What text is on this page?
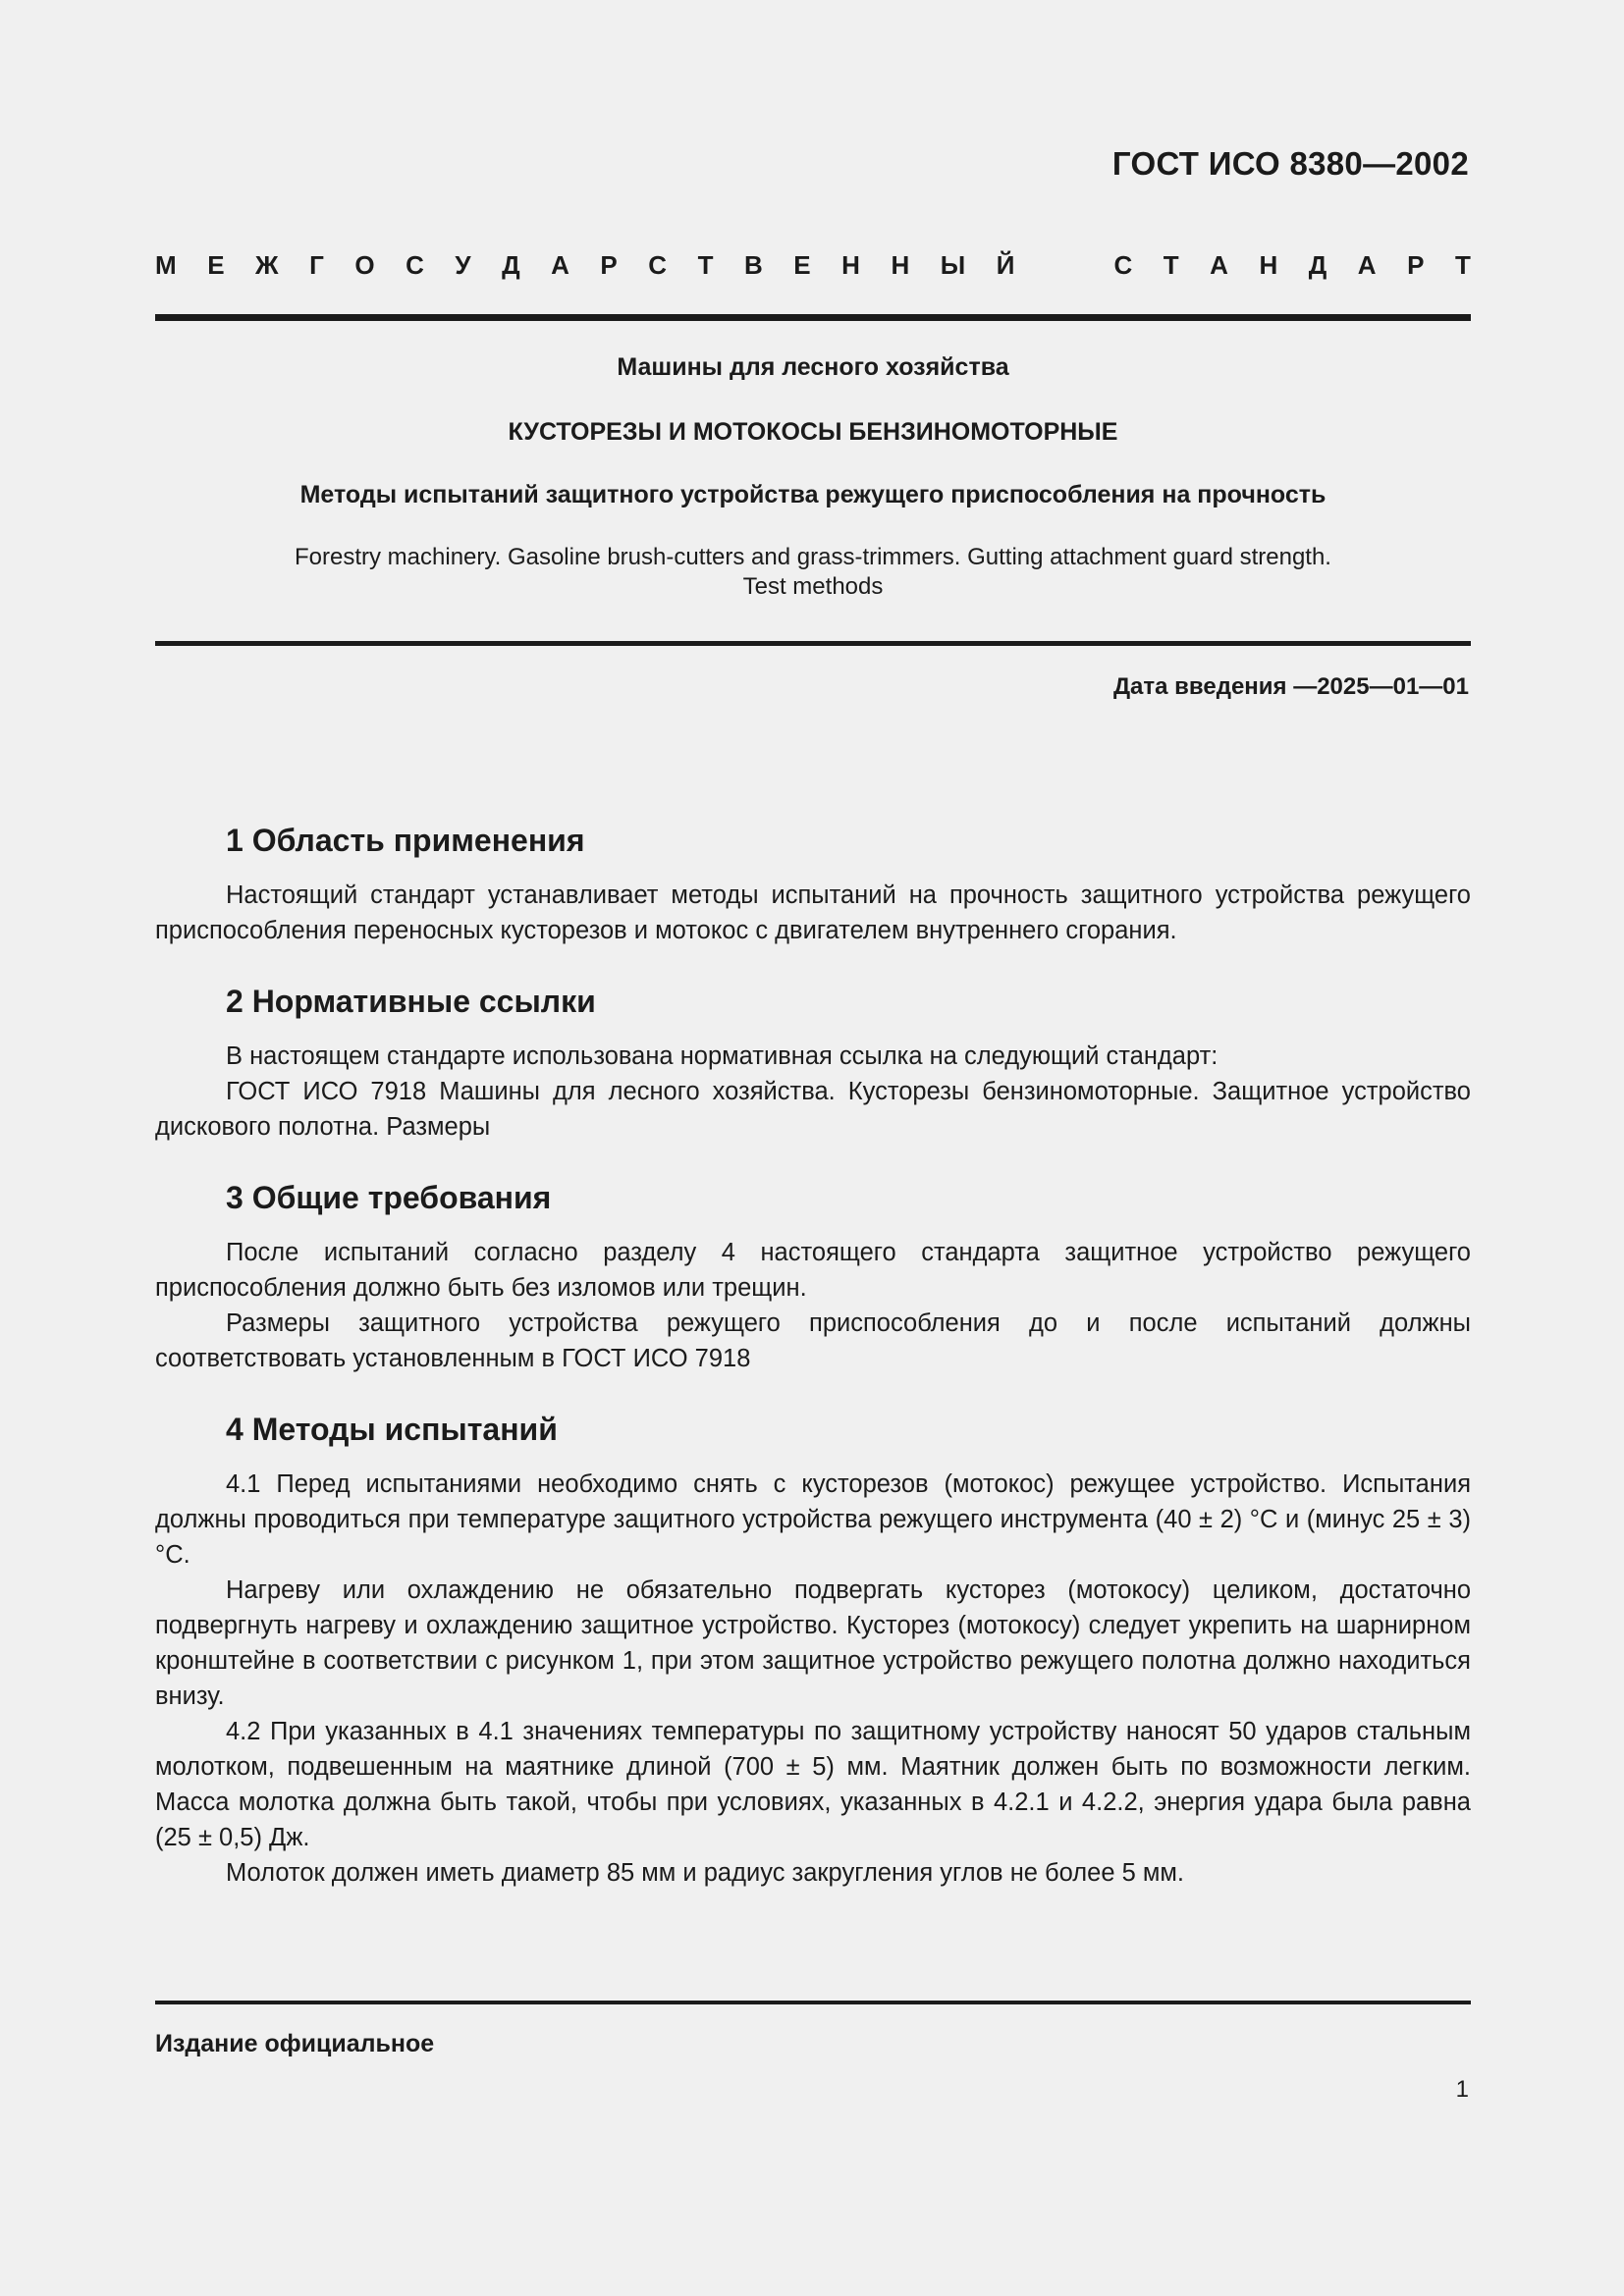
ГОСТ ИСО 8380—2002
М Е Ж Г О С У Д А Р С Т В Е Н Н Ы Й	С Т А Н Д А Р Т
Машины для лесного хозяйства
КУСТОРЕЗЫ И МОТОКОСЫ БЕНЗИНОМОТОРНЫЕ
Методы испытаний защитного устройства режущего приспособления на прочность
Forestry machinery. Gasoline brush-cutters and grass-trimmers. Gutting attachment guard strength.
Test methods
Дата введения —2025—01—01
1 Область применения

Настоящий стандарт устанавливает методы испытаний на прочность защитного устройства режущего приспособления переносных кусторезов и мотокос с двигателем внутреннего сгорания.

2 Нормативные ссылки

В настоящем стандарте использована нормативная ссылка на следующий стандарт:

ГОСТ ИСО 7918 Машины для лесного хозяйства. Кусторезы бензиномоторные. Защитное устройство дискового полотна. Размеры

3 Общие требования

После испытаний согласно разделу 4 настоящего стандарта защитное устройство режущего приспособления должно быть без изломов или трещин.

Размеры защитного устройства режущего приспособления до и после испытаний должны соответствовать установленным в ГОСТ ИСО 7918

4 Методы испытаний

4.1 Перед испытаниями необходимо снять с кусторезов (мотокос) режущее устройство. Испытания должны проводиться при температуре защитного устройства режущего инструмента (40 ± 2) °С и (минус 25 ± 3) °С.

Нагреву или охлаждению не обязательно подвергать кусторез (мотокосу) целиком, достаточно подвергнуть нагреву и охлаждению защитное устройство. Кусторез (мотокосу) следует укрепить на шарнирном кронштейне в соответствии с рисунком 1, при этом защитное устройство режущего полотна должно находиться внизу.

4.2 При указанных в 4.1 значениях температуры по защитному устройству наносят 50 ударов стальным молотком, подвешенным на маятнике длиной (700 ± 5) мм. Маятник должен быть по возможности легким. Масса молотка должна быть такой, чтобы при условиях, указанных в 4.2.1 и 4.2.2, энергия удара была равна (25 ± 0,5) Дж.

Молоток должен иметь диаметр 85 мм и радиус закругления углов не более 5 мм.

Издание официальное
1
